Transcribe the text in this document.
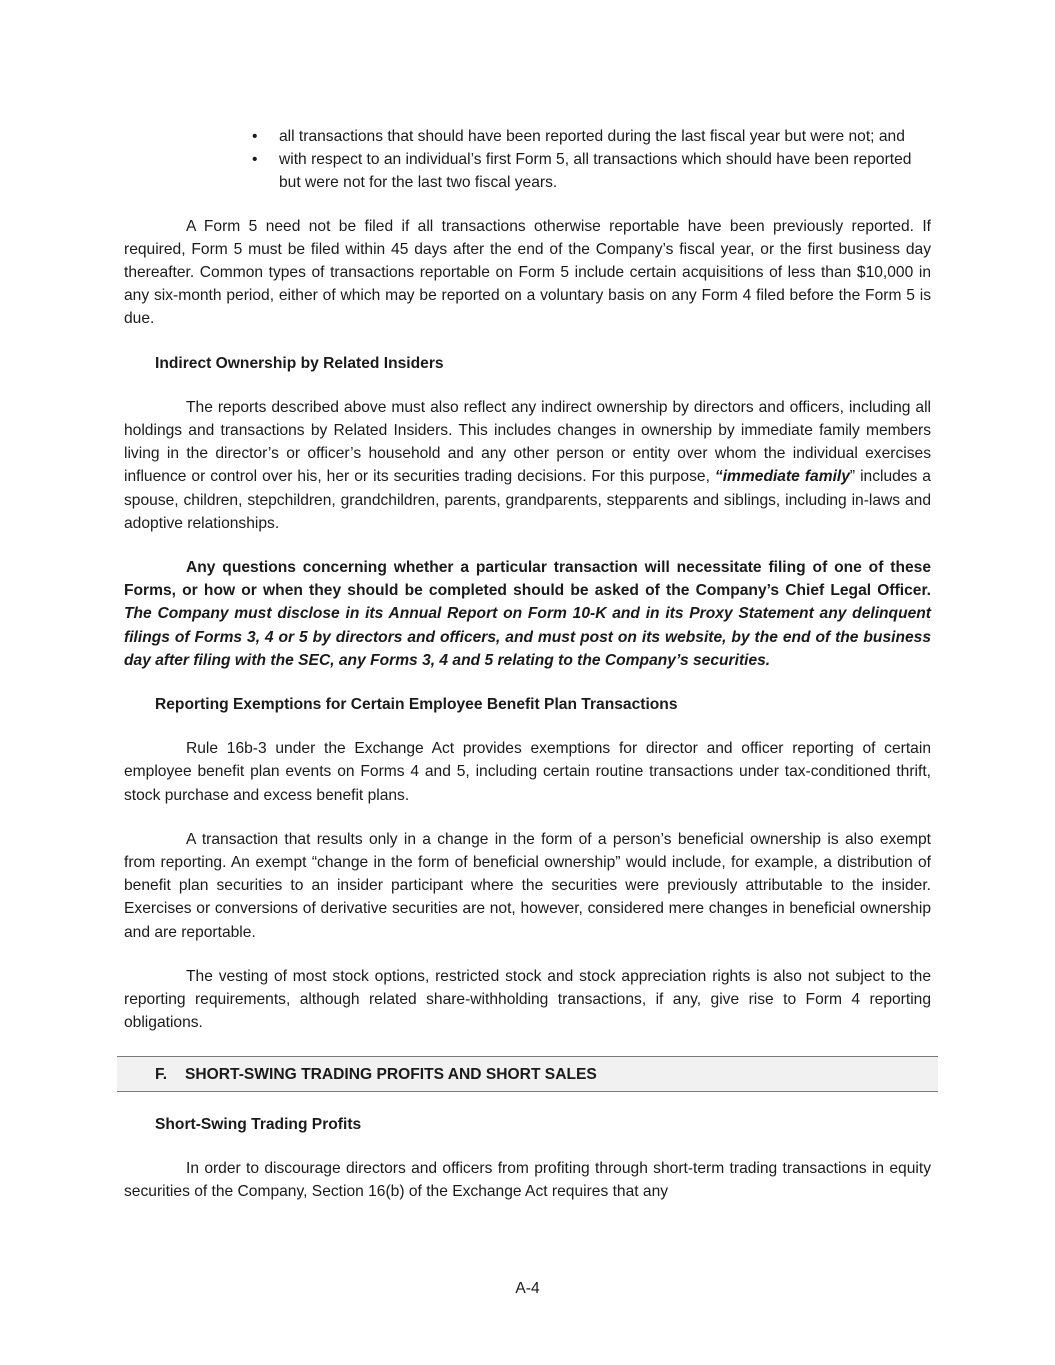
• all transactions that should have been reported during the last fiscal year but were not; and
• with respect to an individual’s first Form 5, all transactions which should have been reported but were not for the last two fiscal years.

A Form 5 need not be filed if all transactions otherwise reportable have been previously reported. If required, Form 5 must be filed within 45 days after the end of the Company’s fiscal year, or the first business day thereafter. Common types of transactions reportable on Form 5 include certain acquisitions of less than $10,000 in any six-month period, either of which may be reported on a voluntary basis on any Form 4 filed before the Form 5 is due.

Indirect Ownership by Related Insiders

The reports described above must also reflect any indirect ownership by directors and officers, including all holdings and transactions by Related Insiders. This includes changes in ownership by immediate family members living in the director’s or officer’s household and any other person or entity over whom the individual exercises influence or control over his, her or its securities trading decisions. For this purpose, “immediate family” includes a spouse, children, stepchildren, grandchildren, parents, grandparents, stepparents and siblings, including in-laws and adoptive relationships.

Any questions concerning whether a particular transaction will necessitate filing of one of these Forms, or how or when they should be completed should be asked of the Company’s Chief Legal Officer. The Company must disclose in its Annual Report on Form 10-K and in its Proxy Statement any delinquent filings of Forms 3, 4 or 5 by directors and officers, and must post on its website, by the end of the business day after filing with the SEC, any Forms 3, 4 and 5 relating to the Company’s securities.

Reporting Exemptions for Certain Employee Benefit Plan Transactions

Rule 16b-3 under the Exchange Act provides exemptions for director and officer reporting of certain employee benefit plan events on Forms 4 and 5, including certain routine transactions under tax-conditioned thrift, stock purchase and excess benefit plans.

A transaction that results only in a change in the form of a person’s beneficial ownership is also exempt from reporting. An exempt “change in the form of beneficial ownership” would include, for example, a distribution of benefit plan securities to an insider participant where the securities were previously attributable to the insider. Exercises or conversions of derivative securities are not, however, considered mere changes in beneficial ownership and are reportable.

The vesting of most stock options, restricted stock and stock appreciation rights is also not subject to the reporting requirements, although related share-withholding transactions, if any, give rise to Form 4 reporting obligations.

F. SHORT-SWING TRADING PROFITS AND SHORT SALES
Short-Swing Trading Profits

In order to discourage directors and officers from profiting through short-term trading transactions in equity securities of the Company, Section 16(b) of the Exchange Act requires that any

A-4
